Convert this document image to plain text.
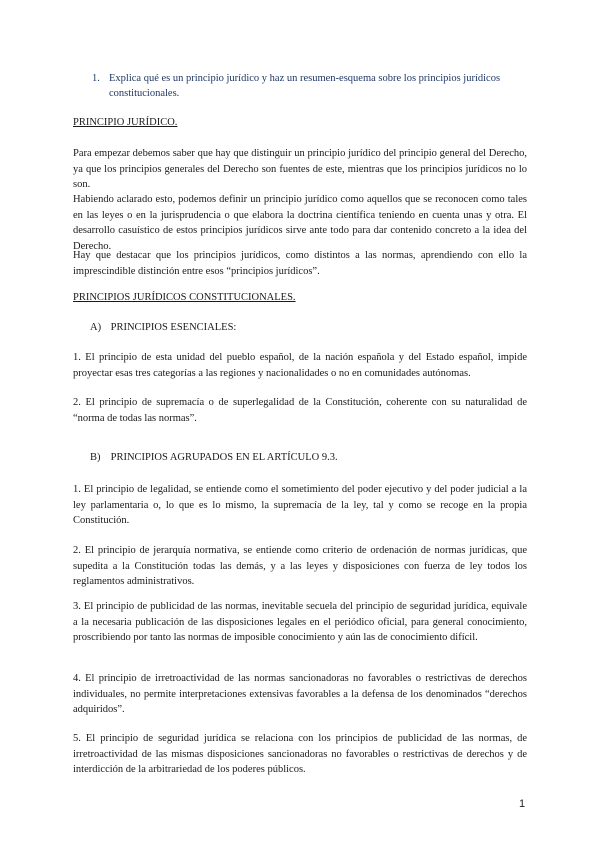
1. Explica qué es un principio jurídico y haz un resumen-esquema sobre los principios jurídicos constitucionales.

PRINCIPIO JURÍDICO.

Para empezar debemos saber que hay que distinguir un principio jurídico del principio general del Derecho, ya que los principios generales del Derecho son fuentes de este, mientras que los principios jurídicos no lo son.

Habiendo aclarado esto, podemos definir un principio jurídico como aquellos que se reconocen como tales en las leyes o en la jurisprudencia o que elabora la doctrina científica teniendo en cuenta unas y otra. El desarrollo casuístico de estos principios jurídicos sirve ante todo para dar contenido concreto a la idea del Derecho.

Hay que destacar que los principios jurídicos, como distintos a las normas, aprendiendo con ello la imprescindible distinción entre esos “principios jurídicos”.

PRINCIPIOS JURÍDICOS CONSTITUCIONALES.

A) PRINCIPIOS ESENCIALES:

1. El principio de esta unidad del pueblo español, de la nación española y del Estado español, impide proyectar esas tres categorías a las regiones y nacionalidades o no en comunidades autónomas.

2. El principio de supremacía o de superlegalidad de la Constitución, coherente con su naturalidad de “norma de todas las normas”.

B) PRINCIPIOS AGRUPADOS EN EL ARTÍCULO 9.3.

1. El principio de legalidad, se entiende como el sometimiento del poder ejecutivo y del poder judicial a la ley parlamentaria o, lo que es lo mismo, la supremacía de la ley, tal y como se recoge en la propia Constitución.

2. El principio de jerarquía normativa, se entiende como criterio de ordenación de normas jurídicas, que supedita a la Constitución todas las demás, y a las leyes y disposiciones con fuerza de ley todos los reglamentos administrativos.

3. El principio de publicidad de las normas, inevitable secuela del principio de seguridad jurídica, equivale a la necesaria publicación de las disposiciones legales en el periódico oficial, para general conocimiento, proscribiendo por tanto las normas de imposible conocimiento y aún las de conocimiento difícil.

4. El principio de irretroactividad de las normas sancionadoras no favorables o restrictivas de derechos individuales, no permite interpretaciones extensivas favorables a la defensa de los denominados “derechos adquiridos”.

5. El principio de seguridad jurídica se relaciona con los principios de publicidad de las normas, de irretroactividad de las mismas disposiciones sancionadoras no favorables o restrictivas de derechos y de interdicción de la arbitrariedad de los poderes públicos.

1
